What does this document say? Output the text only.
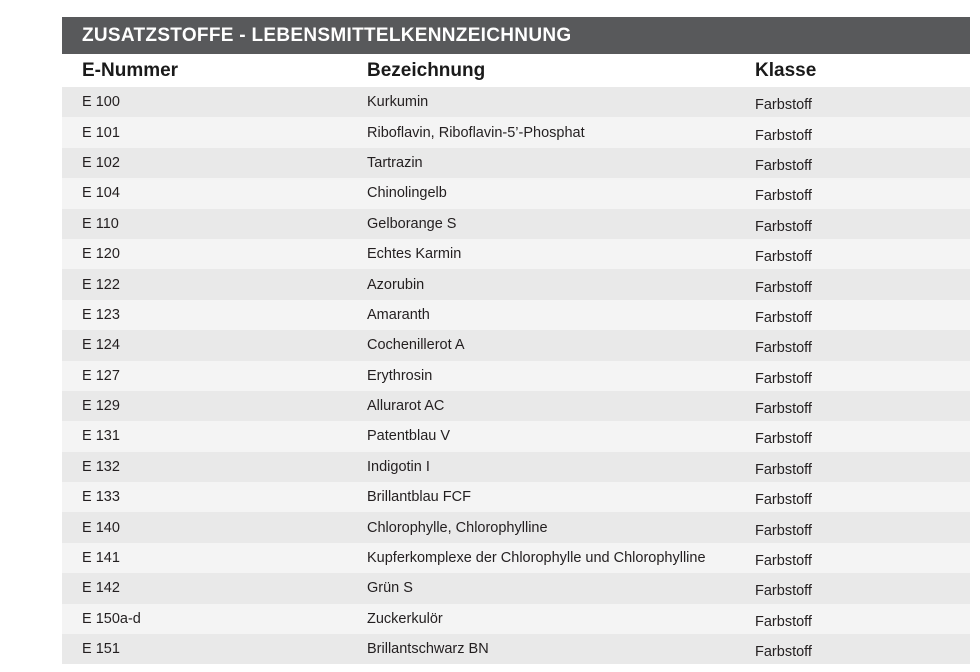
ZUSATZSTOFFE - LEBENSMITTELKENNZEICHNUNG
E-Nummer	Bezeichnung	Klasse
E 100	Kurkumin	Farbstoff
E 101	Riboflavin, Riboflavin-5’-Phosphat	Farbstoff
E 102	Tartrazin	Farbstoff
E 104	Chinolingelb	Farbstoff
E 110	Gelborange S	Farbstoff
E 120	Echtes Karmin	Farbstoff
E 122	Azorubin	Farbstoff
E 123	Amaranth	Farbstoff
E 124	Cochenillerot A	Farbstoff
E 127	Erythrosin	Farbstoff
E 129	Allurarot AC	Farbstoff
E 131	Patentblau V	Farbstoff
E 132	Indigotin I	Farbstoff
E 133	Brillantblau FCF	Farbstoff
E 140	Chlorophylle, Chlorophylline	Farbstoff
E 141	Kupferkomplexe der Chlorophylle und Chlorophylline	Farbstoff
E 142	Grün S	Farbstoff
E 150a-d	Zuckerkulör	Farbstoff
E 151	Brillantschwarz BN	Farbstoff
